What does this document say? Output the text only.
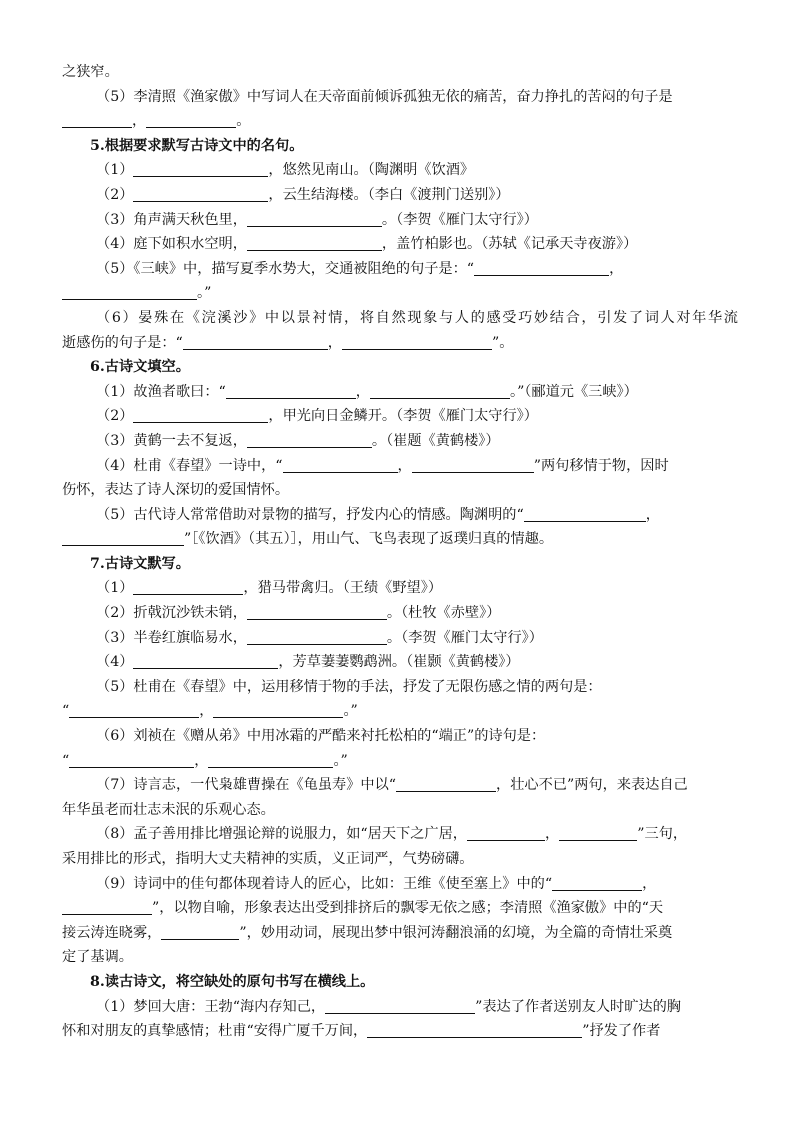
之狭窄。
（5）李清照《渔家傲》中写词人在天帝面前倾诉孤独无依的痛苦，奋力挣扎的苦闷的句子是
，	。
5.根据要求默写古诗文中的名句。
（1）	，悠然见南山。（陶渊明《饮酒》
（2）	，云生结海楼。（李白《渡荆门送别》）
（3）角声满天秋色里，	。（李贺《雁门太守行》）
（4）庭下如积水空明，	，盖竹柏影也。（苏轼《记承天寺夜游》）
（5）《三峡》中，描写夏季水势大，交通被阻绝的句子是：“	，
。”
（6）晏殊在《浣溪沙》中以景衬情，将自然现象与人的感受巧妙结合，引发了词人对年华流
逝感伤的句子是：“	，	”。
6.古诗文填空。
（1）故渔者歌曰：“	，	。”（郦道元《三峡》）
（2）	，甲光向日金鳞开。（李贺《雁门太守行》）
（3）黄鹤一去不复返，	。（崔题《黄鹤楼》）
（4）杜甫《春望》一诗中，“	，	”两句移情于物，因时
伤怀，表达了诗人深切的爱国情怀。
（5）古代诗人常常借助对景物的描写，抒发内心的情感。陶渊明的“	，
”［《饮酒》（其五）］，用山气、飞鸟表现了返璞归真的情趣。
7.古诗文默写。
（1）	，猎马带禽归。（王绩《野望》）
（2）折戟沉沙铁未销，	。（杜牧《赤壁》）
（3）半卷红旗临易水，	。（李贺《雁门太守行》）
（4）	，芳草萋萋鹦鹉洲。（崔颢《黄鹤楼》）
（5）杜甫在《春望》中，运用移情于物的手法，抒发了无限伤感之情的两句是：
“	，	。”
（6）刘祯在《赠从弟》中用冰霜的严酷来衬托松柏的“端正”的诗句是：
“	，	。”
（7）诗言志，一代枭雄曹操在《龟虽寿》中以“	，壮心不已”两句，来表达自己
年华虽老而壮志未泯的乐观心态。
（8）孟子善用排比增强论辩的说服力，如“居天下之广居，	，	”三句，
采用排比的形式，指明大丈夫精神的实质，义正词严，气势磅礴。
（9）诗词中的佳句都体现着诗人的匠心，比如：王维《使至塞上》中的“	，
”，以物自喻，形象表达出受到排挤后的飘零无依之感；李清照《渔家傲》中的“天
接云涛连晓雾，	”，妙用动词，展现出梦中银河涛翻浪涌的幻境，为全篇的奇情壮采奠
定了基调。
8.读古诗文，将空缺处的原句书写在横线上。
（1）梦回大唐：王勃“海内存知己，	”表达了作者送别友人时旷达的胸
怀和对朋友的真挚感情；杜甫“安得广厦千万间，	”抒发了作者
